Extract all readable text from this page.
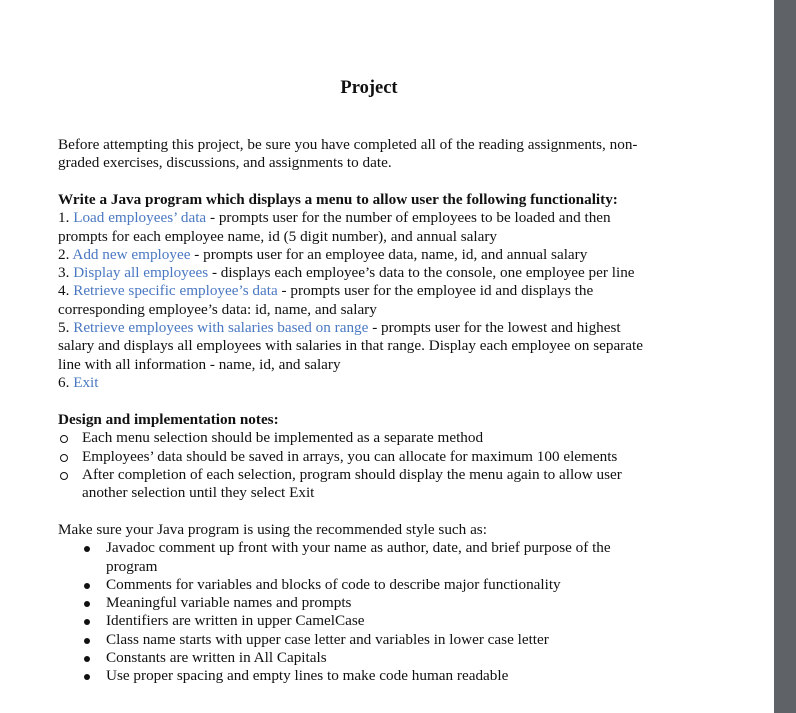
Project
Before attempting this project, be sure you have completed all of the reading assignments, non-
graded exercises, discussions, and assignments to date.
Write a Java program which displays a menu to allow user the following functionality:
1. Load employees’ data - prompts user for the number of employees to be loaded and then
prompts for each employee name, id (5 digit number), and annual salary
2. Add new employee - prompts user for an employee data, name, id, and annual salary
3. Display all employees - displays each employee’s data to the console, one employee per line
4. Retrieve specific employee’s data - prompts user for the employee id and displays the
corresponding employee’s data: id, name, and salary
5. Retrieve employees with salaries based on range - prompts user for the lowest and highest
salary and displays all employees with salaries in that range. Display each employee on separate
line with all information - name, id, and salary
6. Exit
Design and implementation notes:
Each menu selection should be implemented as a separate method
Employees’ data should be saved in arrays, you can allocate for maximum 100 elements
After completion of each selection, program should display the menu again to allow user
another selection until they select Exit
Make sure your Java program is using the recommended style such as:
Javadoc comment up front with your name as author, date, and brief purpose of the
program
Comments for variables and blocks of code to describe major functionality
Meaningful variable names and prompts
Identifiers are written in upper CamelCase
Class name starts with upper case letter and variables in lower case letter
Constants are written in All Capitals
Use proper spacing and empty lines to make code human readable
